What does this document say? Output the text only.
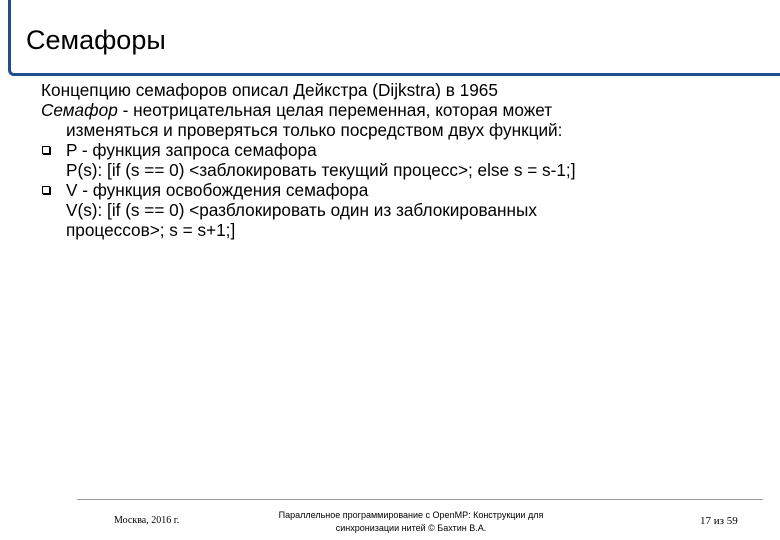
Семафоры
Концепцию семафоров описал Дейкстра (Dijkstra) в 1965
Семафор - неотрицательная целая переменная, которая может
изменяться и проверяться только посредством двух функций:
P - функция запроса семафора
P(s): [if (s == 0) <заблокировать текущий процесс>; else s = s-1;]
V - функция освобождения семафора
V(s): [if (s == 0) <разблокировать один из заблокированных
процессов>; s = s+1;]
Москва, 2016 г.	Параллельное программирование с OpenMP: Конструкции для
синхронизации нитей © Бахтин В.А.
17 из 59
